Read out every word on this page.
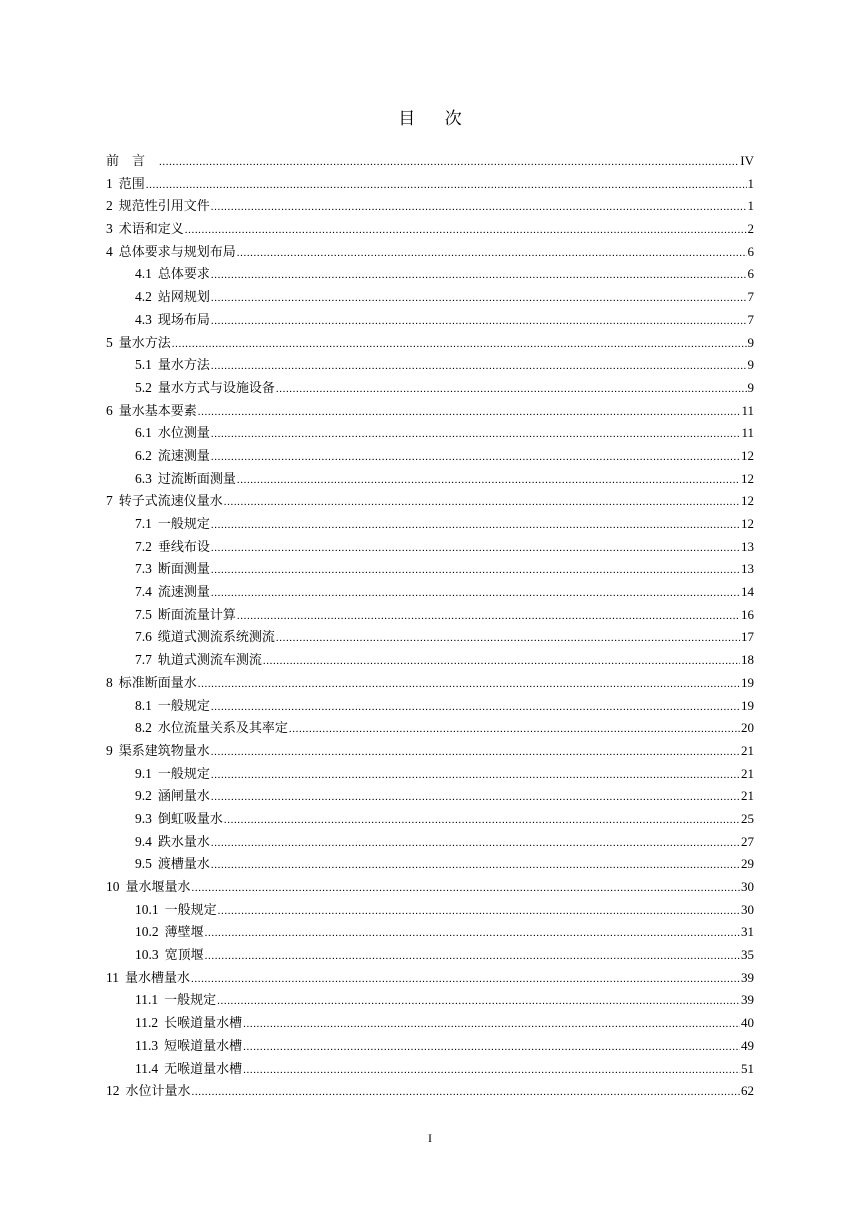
目 次
前言 .....	IV
1 范围 .....	1
2 规范性引用文件 .....	1
3 术语和定义 .....	2
4 总体要求与规划布局 .....	6
4.1 总体要求 .....	6
4.2 站网规划 .....	7
4.3 现场布局 .....	7
5 量水方法 .....	9
5.1 量水方法 .....	9
5.2 量水方式与设施设备 .....	9
6 量水基本要素 .....	11
6.1 水位测量 .....	11
6.2 流速测量 .....	12
6.3 过流断面测量 .....	12
7 转子式流速仪量水 .....	12
7.1 一般规定 .....	12
7.2 垂线布设 .....	13
7.3 断面测量 .....	13
7.4 流速测量 .....	14
7.5 断面流量计算 .....	16
7.6 缆道式测流系统测流 .....	17
7.7 轨道式测流车测流 .....	18
8 标准断面量水 .....	19
8.1 一般规定 .....	19
8.2 水位流量关系及其率定 .....	20
9 渠系建筑物量水 .....	21
9.1 一般规定 .....	21
9.2 涵闸量水 .....	21
9.3 倒虹吸量水 .....	25
9.4 跌水量水 .....	27
9.5 渡槽量水 .....	29
10 量水堰量水 .....	30
10.1 一般规定 .....	30
10.2 薄壁堰 .....	31
10.3 宽顶堰 .....	35
11 量水槽量水 .....	39
11.1 一般规定 .....	39
11.2 长喉道量水槽 .....	40
11.3 短喉道量水槽 .....	49
11.4 无喉道量水槽 .....	51
12 水位计量水 .....	62
I
